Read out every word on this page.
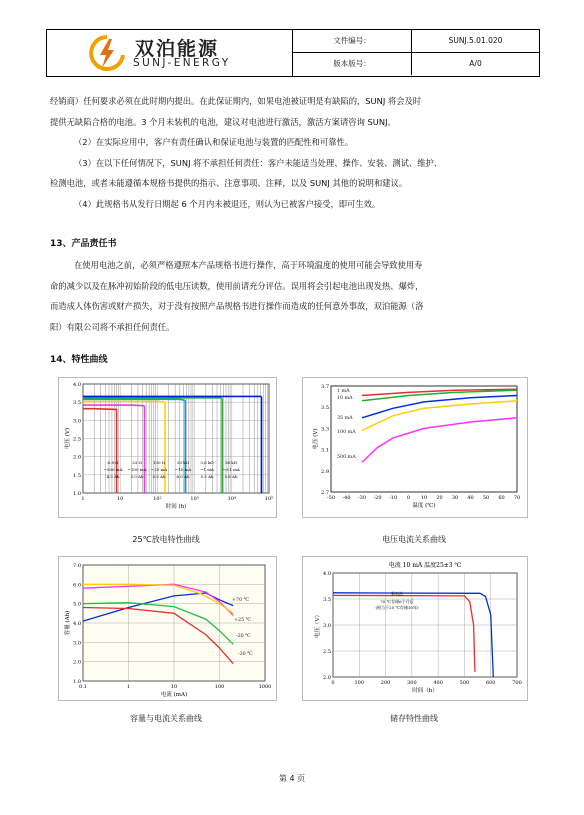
双泊能源
SUNJ-ENERGY
文件编号：	SUNJ.5.01.020
版本版号：	A/0
经销商）任何要求必须在此时期内提出。在此保证期内，如果电池被证明是有缺陷的，SUNJ 将会及时
提供无缺陷合格的电池。3 个月未装机的电池，建议对电池进行激活，激活方案请咨询 SUNJ。
（2）在实际应用中，客户有责任确认和保证电池与装置的匹配性和可靠性。
（3）在以下任何情况下，SUNJ 将不承担任何责任：客户未能适当处理、操作、安装、测试、维护、
检测电池，或者未能遵循本规格书提供的指示、注意事项、注释，以及 SUNJ 其他的说明和建议。
（4）此规格书从发行日期起 6 个月内未被退还，则认为已被客户接受，即可生效。
13、产品责任书
在使用电池之前，必须严格遵照本产品规格书进行操作，高于环境温度的使用可能会导致使用寿
命的减少以及在脉冲初始阶段的低电压读数，使用前请充分评估。误用将会引起电池出现发热、爆炸，
而造成人体伤害或财产损失，对于没有按照产品规格书进行操作而造成的任何意外事故，双泊能源（洛
阳）有限公司将不承担任何责任。
14、特性曲线
1.0
1.5
2.0
2.5
3.0
3.5
4.0
1	10	10²	10³	10⁴	10⁵
时间 (h)
电压 (V)
6.8 Ω	33 Ω	100 Ω	33 kΩ	3.6 kΩ	36 kΩ
~500 mA ~100 mA ~35 mA ~10 mA ~1 mA ~0.1 mA
4.5 Ah	5.0 Ah 5.5 Ah	6.0 Ah	5.5 Ah	5.8 Ah
25℃放电特性曲线
2.7
2.9
3.1
3.3
3.5
3.7
-50 -40 -30 -20 -10 0 10 20 30 40 50 60 70
温度 (℃)
电压 (V)
1 mA
10 mA
35 mA
100 mA
500 mA
电压电流关系曲线
1.0
2.0
3.0
4.0
5.0
6.0
7.0
0.1	1	10	100	1000
电流 (mA)
容量 (Ah)
+70 ℃
+25 ℃
-20 ℃
-30 ℃
容量与电流关系曲线
2.0
2.5
3.0
3.5
4.0
0	100	200	300	400	500	600	700
时间（h）
电压（V）
电流 10 mA 温度25±3 ℃
新电池
70 ℃存储6个月后
(相当于25 ℃存储10年)
储存特性曲线
第 4 页
